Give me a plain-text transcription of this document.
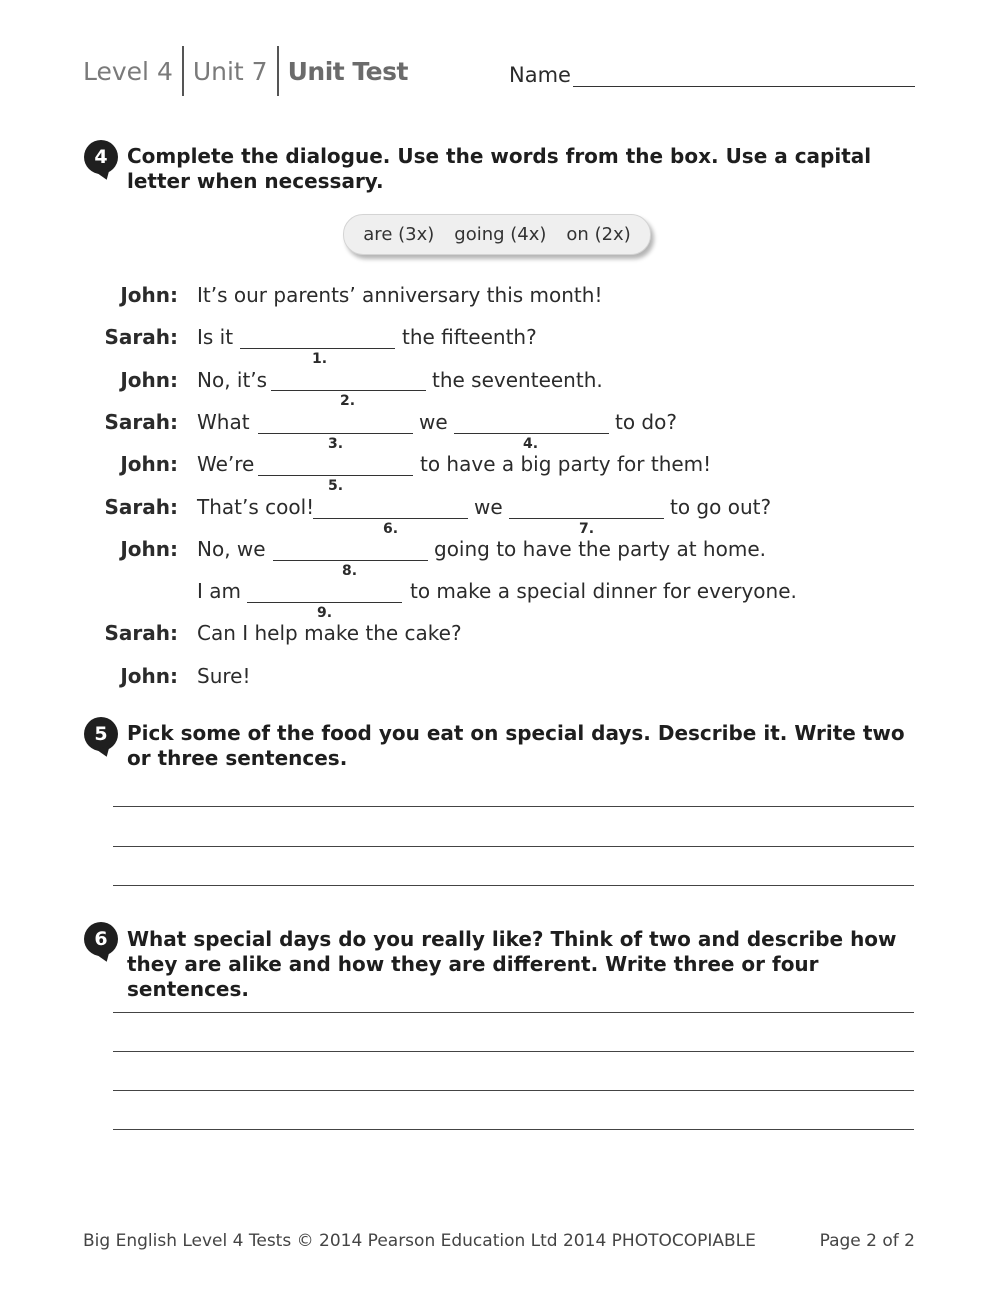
Level 4 Unit 7 Unit Test	Name
4 Complete the dialogue. Use the words from the box. Use a capital letter when necessary.
are (3x) going (4x) on (2x)
John: It’s our parents’ anniversary this month!
Sarah: Is it
1.
the fifteenth?
John: No, it’s
2.
the seventeenth.
Sarah: What
3.
we
4.
to do?
John: We’re
5.
to have a big party for them!
Sarah: That’s cool!
6.
we
7.
to go out?
John: No, we
8.
going to have the party at home.
I am
9.
to make a special dinner for everyone.
Sarah: Can I help make the cake?
John: Sure!
5 Pick some of the food you eat on special days. Describe it. Write two or three sentences.
6 What special days do you really like? Think of two and describe how they are alike and how they are different. Write three or four sentences.
Big English Level 4 Tests © 2014 Pearson Education Ltd 2014 PHOTOCOPIABLE	Page 2 of 2
